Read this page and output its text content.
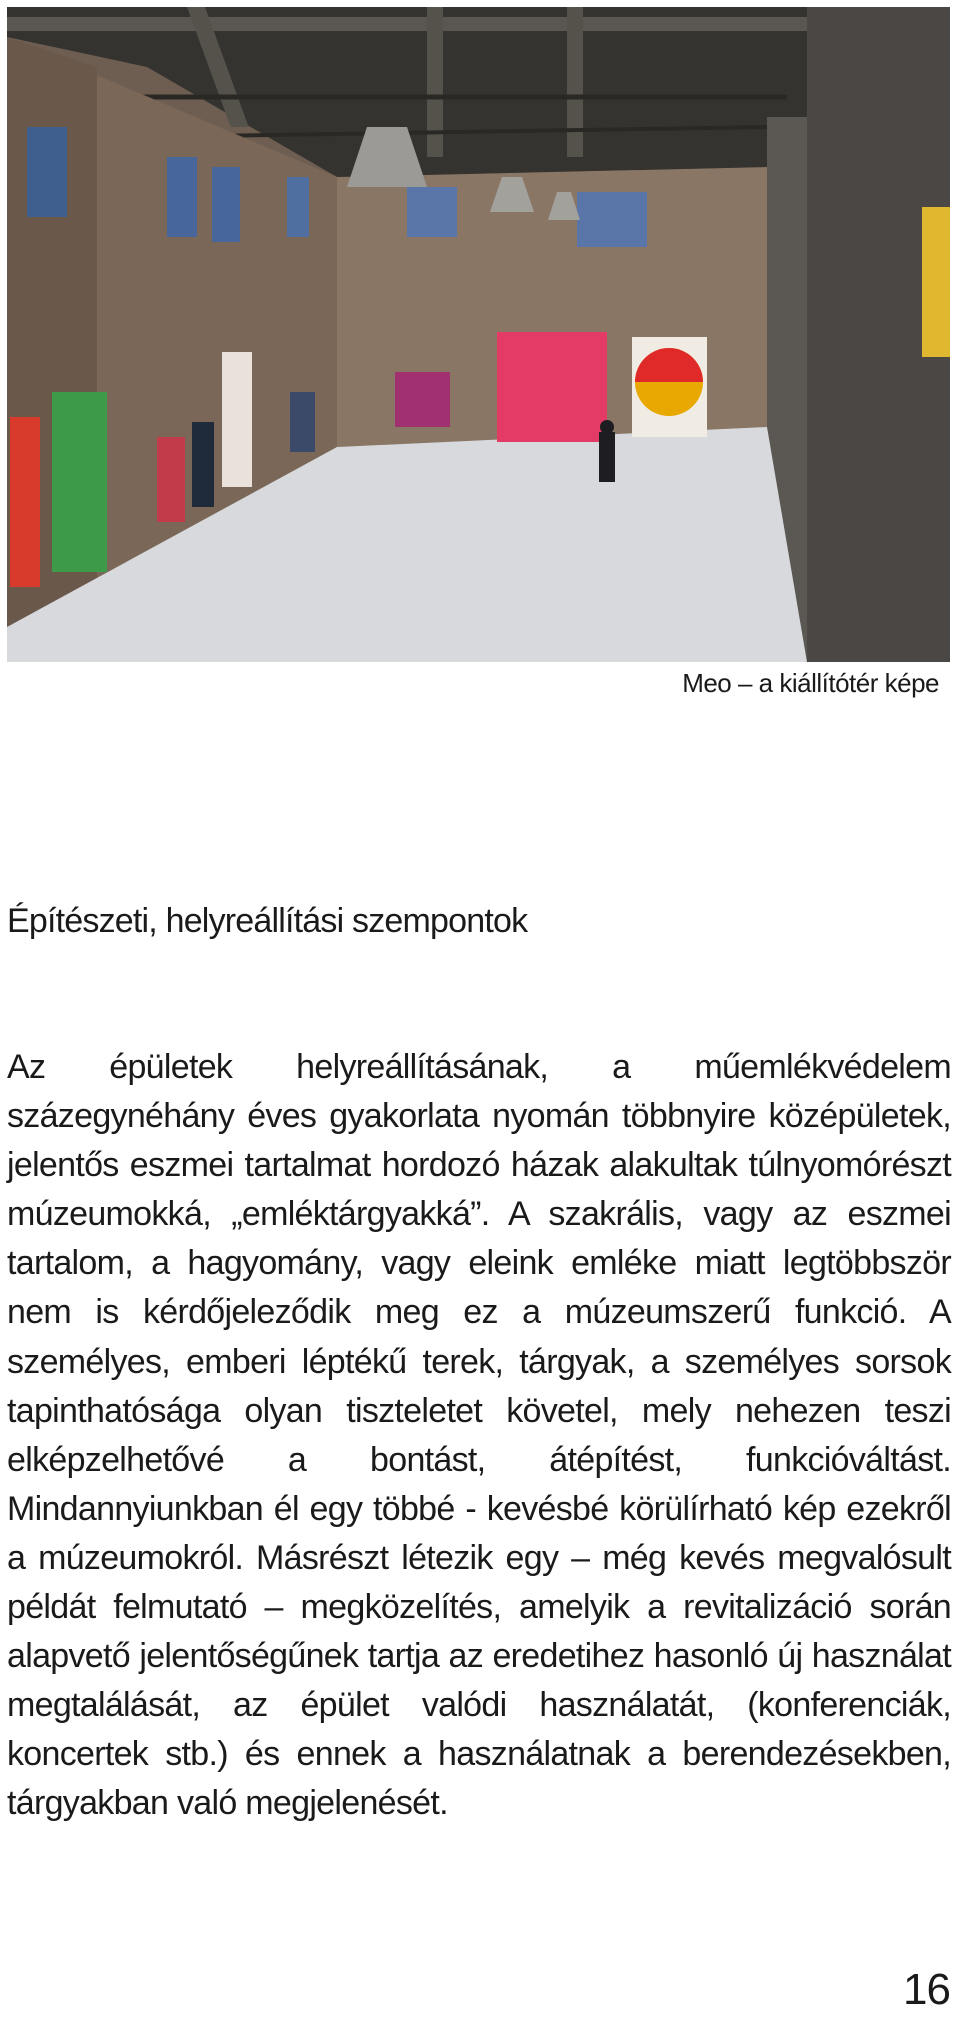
Meo – a kiállítótér képe
Építészeti, helyreállítási szempontok

Az épületek helyreállításának, a műemlékvédelem százegynéhány éves gyakorlata nyomán többnyire középületek, jelentős eszmei tartalmat hordozó házak alakultak túlnyomórészt múzeumokká, „emléktárgyakká”. A szakrális, vagy az eszmei tartalom, a hagyomány, vagy eleink emléke miatt legtöbbször nem is kérdőjeleződik meg ez a múzeumszerű funkció. A személyes, emberi léptékű terek, tárgyak, a személyes sorsok tapinthatósága olyan tiszteletet követel, mely nehezen teszi elképzelhetővé a bontást, átépítést, funkcióváltást. Mindannyiunkban él egy többé - kevésbé körülírható kép ezekről a múzeumokról. Másrészt létezik egy – még kevés megvalósult példát felmutató – megközelítés, amelyik a revitalizáció során alapvető jelentőségűnek tartja az eredetihez hasonló új használat megtalálását, az épület valódi használatát, (konferenciák, koncertek stb.) és ennek a használatnak a berendezésekben, tárgyakban való megjelenését.

16
